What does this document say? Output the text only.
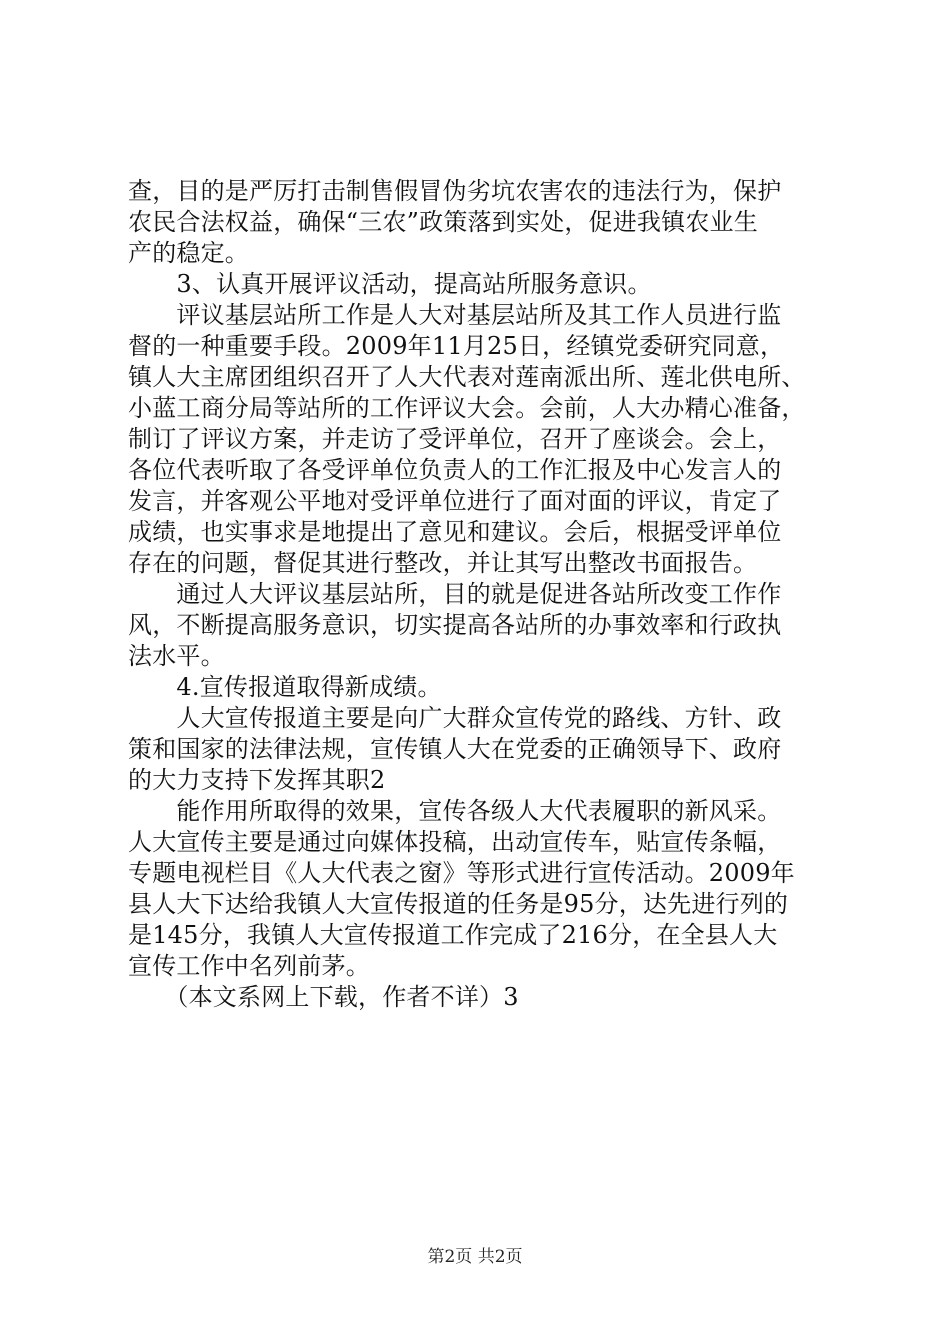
查，目的是严厉打击制售假冒伪劣坑农害农的违法行为，保护
农民合法权益，确保“三农”政策落到实处，促进我镇农业生
产的稳定。
　　3、认真开展评议活动，提高站所服务意识。
　　评议基层站所工作是人大对基层站所及其工作人员进行监
督的一种重要手段。2009年11月25日，经镇党委研究同意，
镇人大主席团组织召开了人大代表对莲南派出所、莲北供电所、
小蓝工商分局等站所的工作评议大会。会前，人大办精心准备，
制订了评议方案，并走访了受评单位，召开了座谈会。会上，
各位代表听取了各受评单位负责人的工作汇报及中心发言人的
发言，并客观公平地对受评单位进行了面对面的评议，肯定了
成绩，也实事求是地提出了意见和建议。会后，根据受评单位
存在的问题，督促其进行整改，并让其写出整改书面报告。
　　通过人大评议基层站所，目的就是促进各站所改变工作作
风，不断提高服务意识，切实提高各站所的办事效率和行政执
法水平。
　　4.宣传报道取得新成绩。
　　人大宣传报道主要是向广大群众宣传党的路线、方针、政
策和国家的法律法规，宣传镇人大在党委的正确领导下、政府
的大力支持下发挥其职2
　　能作用所取得的效果，宣传各级人大代表履职的新风采。
人大宣传主要是通过向媒体投稿，出动宣传车，贴宣传条幅，
专题电视栏目《人大代表之窗》等形式进行宣传活动。2009年
县人大下达给我镇人大宣传报道的任务是95分，达先进行列的
是145分，我镇人大宣传报道工作完成了216分，在全县人大
宣传工作中名列前茅。
　　（本文系网上下载，作者不详）3
第2页 共2页
